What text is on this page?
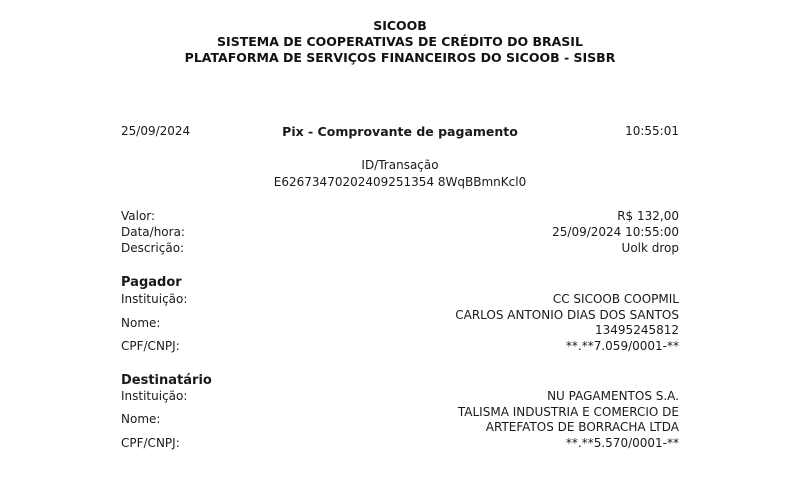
SICOOB
SISTEMA DE COOPERATIVAS DE CRÉDITO DO BRASIL
PLATAFORMA DE SERVIÇOS FINANCEIROS DO SICOOB - SISBR
25/09/2024	Pix - Comprovante de pagamento	10:55:01
ID/Transação
E62673470202409251354 8WqBBmnKcl0
Valor:	R$ 132,00
Data/hora:	25/09/2024 10:55:00
Descrição:	Uolk drop
Pagador
Instituição:	CC SICOOB COOPMIL
Nome:
CARLOS ANTONIO DIAS DOS SANTOS
13495245812
CPF/CNPJ:	**.**7.059/0001-**
Destinatário
Instituição:	NU PAGAMENTOS S.A.
Nome:	TALISMA INDUSTRIA E COMERCIO DE
ARTEFATOS DE BORRACHA LTDA
CPF/CNPJ:	**.**5.570/0001-**
